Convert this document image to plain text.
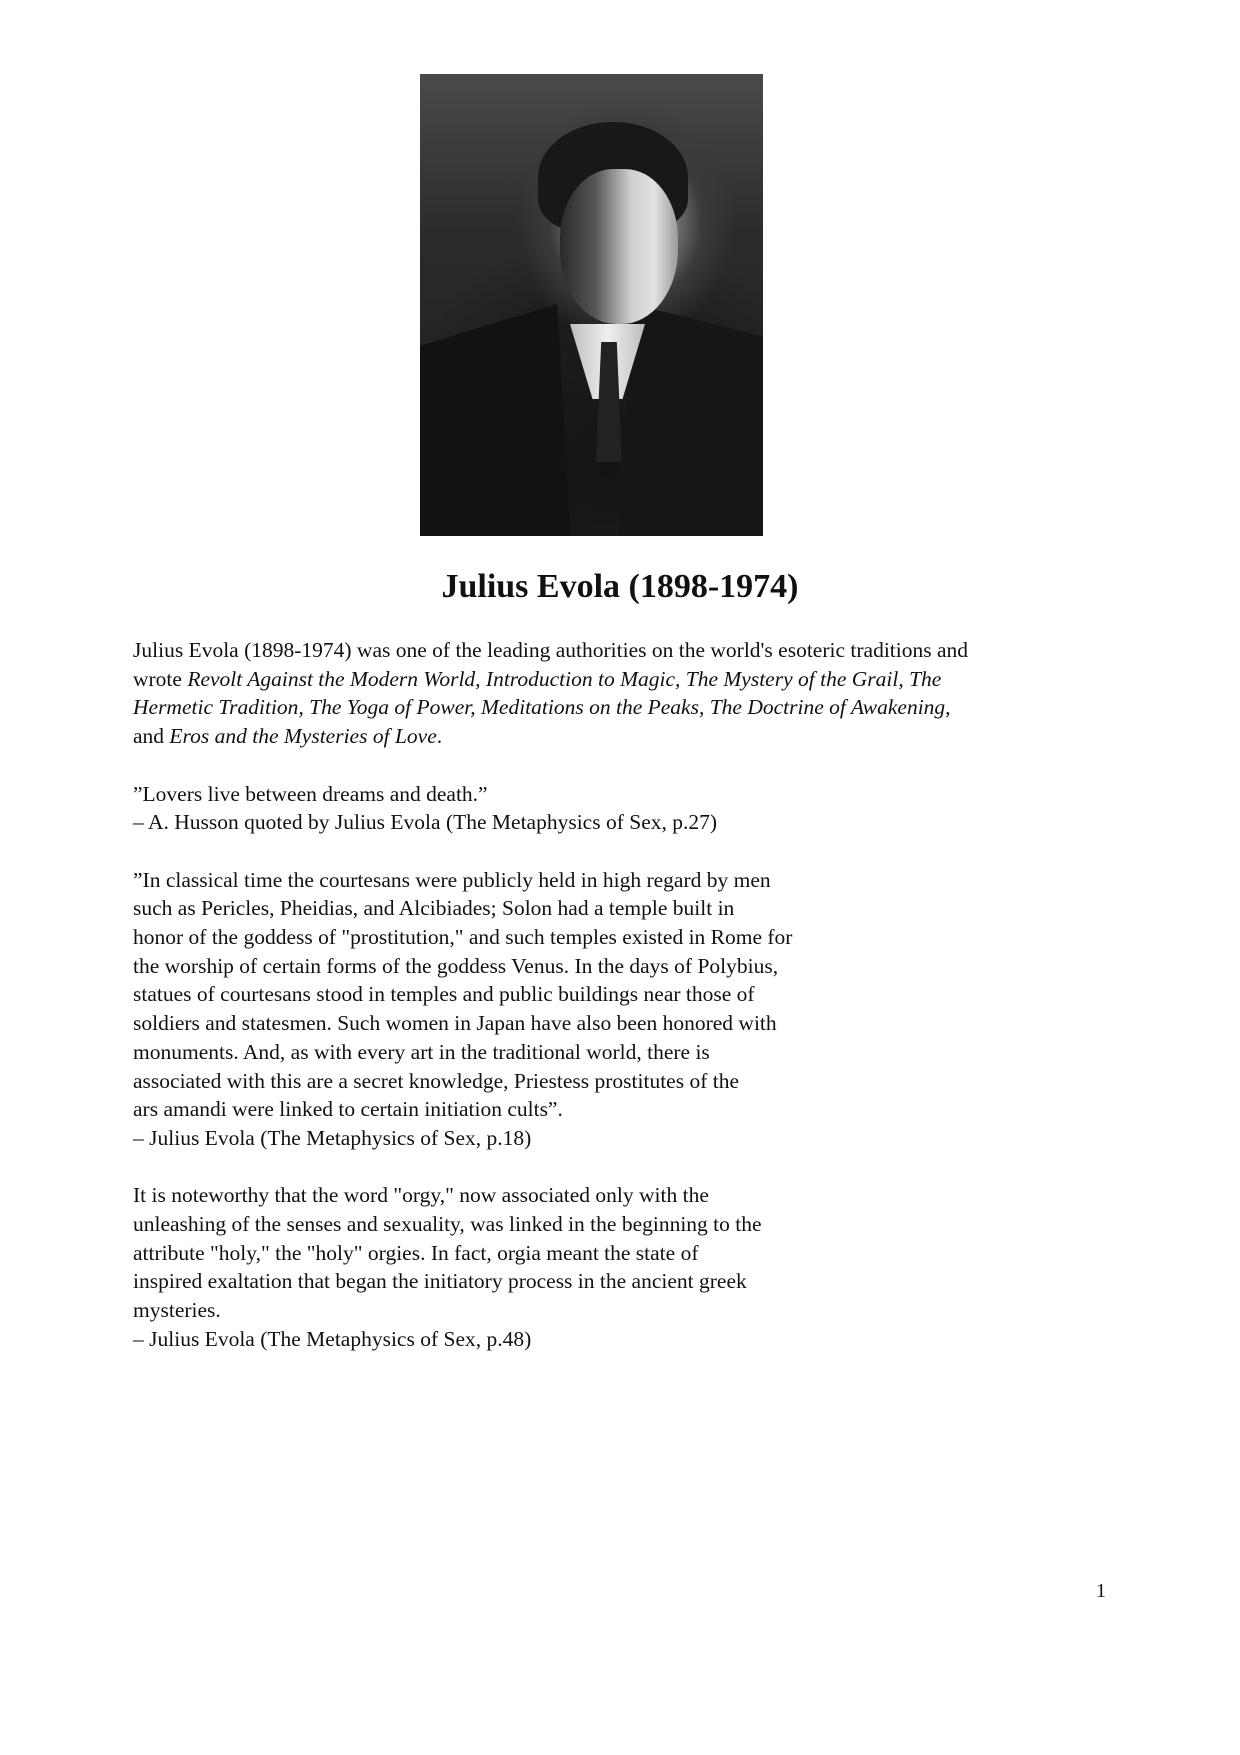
Julius Evola (1898-1974)

Julius Evola (1898-1974) was one of the leading authorities on the world's esoteric traditions and
wrote Revolt Against the Modern World, Introduction to Magic, The Mystery of the Grail, The
Hermetic Tradition, The Yoga of Power, Meditations on the Peaks, The Doctrine of Awakening,
and Eros and the Mysteries of Love.

”Lovers live between dreams and death.”
– A. Husson quoted by Julius Evola (The Metaphysics of Sex, p.27)

”In classical time the courtesans were publicly held in high regard by men
such as Pericles, Pheidias, and Alcibiades; Solon had a temple built in
honor of the goddess of "prostitution," and such temples existed in Rome for
the worship of certain forms of the goddess Venus. In the days of Polybius,
statues of courtesans stood in temples and public buildings near those of
soldiers and statesmen. Such women in Japan have also been honored with
monuments. And, as with every art in the traditional world, there is
associated with this are a secret knowledge, Priestess prostitutes of the
ars amandi were linked to certain initiation cults”.
– Julius Evola (The Metaphysics of Sex, p.18)

It is noteworthy that the word "orgy," now associated only with the
unleashing of the senses and sexuality, was linked in the beginning to the
attribute "holy," the "holy" orgies. In fact, orgia meant the state of
inspired exaltation that began the initiatory process in the ancient greek
mysteries.
– Julius Evola (The Metaphysics of Sex, p.48)

1
